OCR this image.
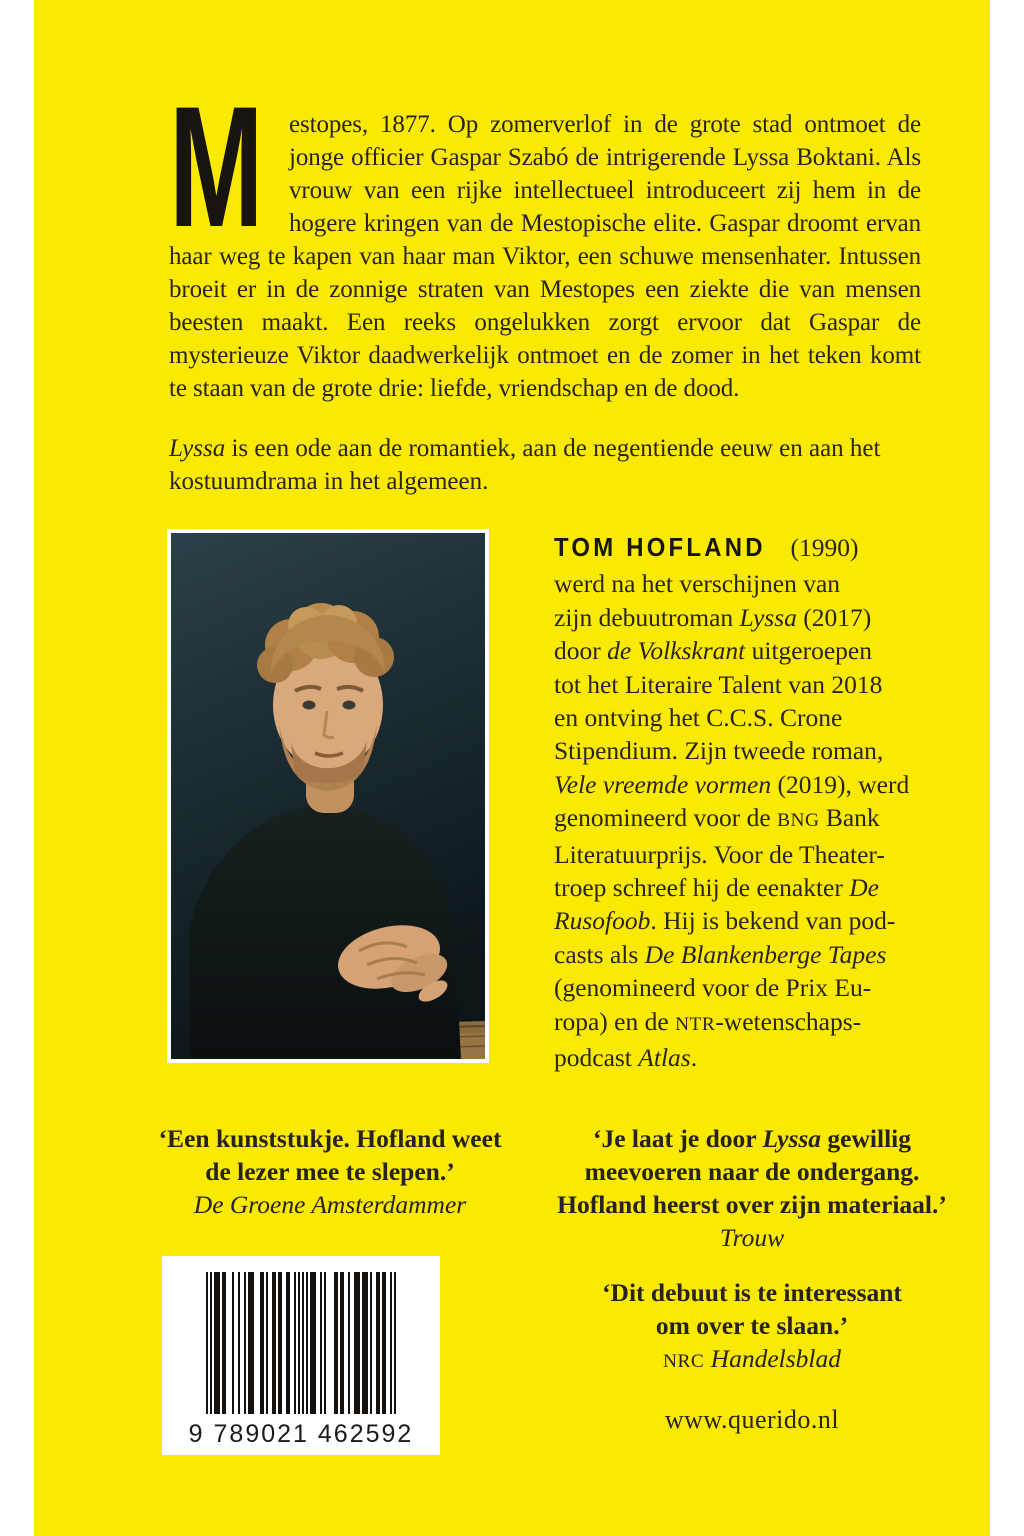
M estopes, 1877. Op zomerverlof in de grote stad ontmoet de jonge officier Gaspar Szabó de intrigerende Lyssa Boktani. Als vrouw van een rijke intellectueel introduceert zij hem in de hogere kringen van de Mestopische elite. Gaspar droomt ervan haar weg te kapen van haar man Viktor, een schuwe mensenhater. Intussen broeit er in de zonnige straten van Mestopes een ziekte die van mensen beesten maakt. Een reeks ongelukken zorgt ervoor dat Gaspar de mysterieuze Viktor daadwerkelijk ontmoet en de zomer in het teken komt te staan van de grote drie: liefde, vriendschap en de dood.
Lyssa is een ode aan de romantiek, aan de negentiende eeuw en aan het
kostuumdrama in het algemeen.
TOM HOFLAND (1990)
werd na het verschijnen van
zijn debuutroman Lyssa (2017)
door de Volkskrant uitgeroepen
tot het Literaire Talent van 2018
en ontving het C.C.S. Crone
Stipendium. Zijn tweede roman,
Vele vreemde vormen (2019), werd
genomineerd voor de BNG Bank
Literatuurprijs. Voor de Theater-
troep schreef hij de eenakter De
Rusofoob. Hij is bekend van pod-
casts als De Blankenberge Tapes
(genomineerd voor de Prix Eu-
ropa) en de NTR-wetenschaps-
podcast Atlas.
‘Een kunststukje. Hofland weet
de lezer mee te slepen.’
De Groene Amsterdammer
‘Je laat je door Lyssa gewillig
meevoeren naar de ondergang.
Hofland heerst over zijn materiaal.’
Trouw
‘Dit debuut is te interessant
om over te slaan.’
NRC Handelsblad
9 789021 462592	www.querido.nl
